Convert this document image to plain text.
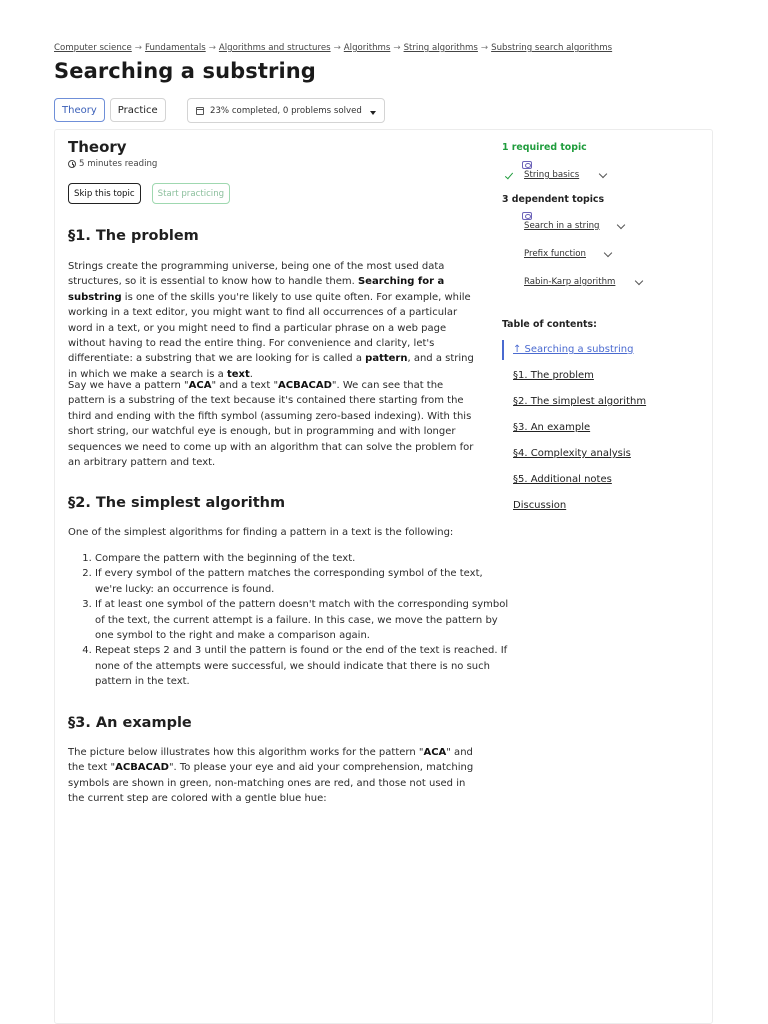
Computer science → Fundamentals → Algorithms and structures → Algorithms → String algorithms → Substring search algorithms
Searching a substring
Theory	Practice	23% completed, 0 problems solved
Theory
5 minutes reading
Skip this topic	Start practicing
§1. The problem

Strings create the programming universe, being one of the most used data structures, so it is essential to know how to handle them. Searching for a substring is one of the skills you're likely to use quite often. For example, while working in a text editor, you might want to find all occurrences of a particular word in a text, or you might need to find a particular phrase on a web page without having to read the entire thing. For convenience and clarity, let's differentiate: a substring that we are looking for is called a pattern, and a string in which we make a search is a text.

Say we have a pattern "ACA" and a text "ACBACAD". We can see that the pattern is a substring of the text because it's contained there starting from the third and ending with the fifth symbol (assuming zero-based indexing). With this short string, our watchful eye is enough, but in programming and with longer sequences we need to come up with an algorithm that can solve the problem for an arbitrary pattern and text.

§2. The simplest algorithm

One of the simplest algorithms for finding a pattern in a text is the following:

1. Compare the pattern with the beginning of the text.
2. If every symbol of the pattern matches the corresponding symbol of the text, we're lucky: an occurrence is found.
3. If at least one symbol of the pattern doesn't match with the corresponding symbol of the text, the current attempt is a failure. In this case, we move the pattern by one symbol to the right and make a comparison again.
4. Repeat steps 2 and 3 until the pattern is found or the end of the text is reached. If none of the attempts were successful, we should indicate that there is no such pattern in the text.
§3. An example

The picture below illustrates how this algorithm works for the pattern "ACA" and the text "ACBACAD". To please your eye and aid your comprehension, matching symbols are shown in green, non-matching ones are red, and those not used in the current step are colored with a gentle blue hue:

1 required topic
String basics
3 dependent topics
Search in a string
Prefix function
Rabin-Karp algorithm
Table of contents:
↑ Searching a substring
§1. The problem
§2. The simplest algorithm
§3. An example
§4. Complexity analysis
§5. Additional notes
Discussion
